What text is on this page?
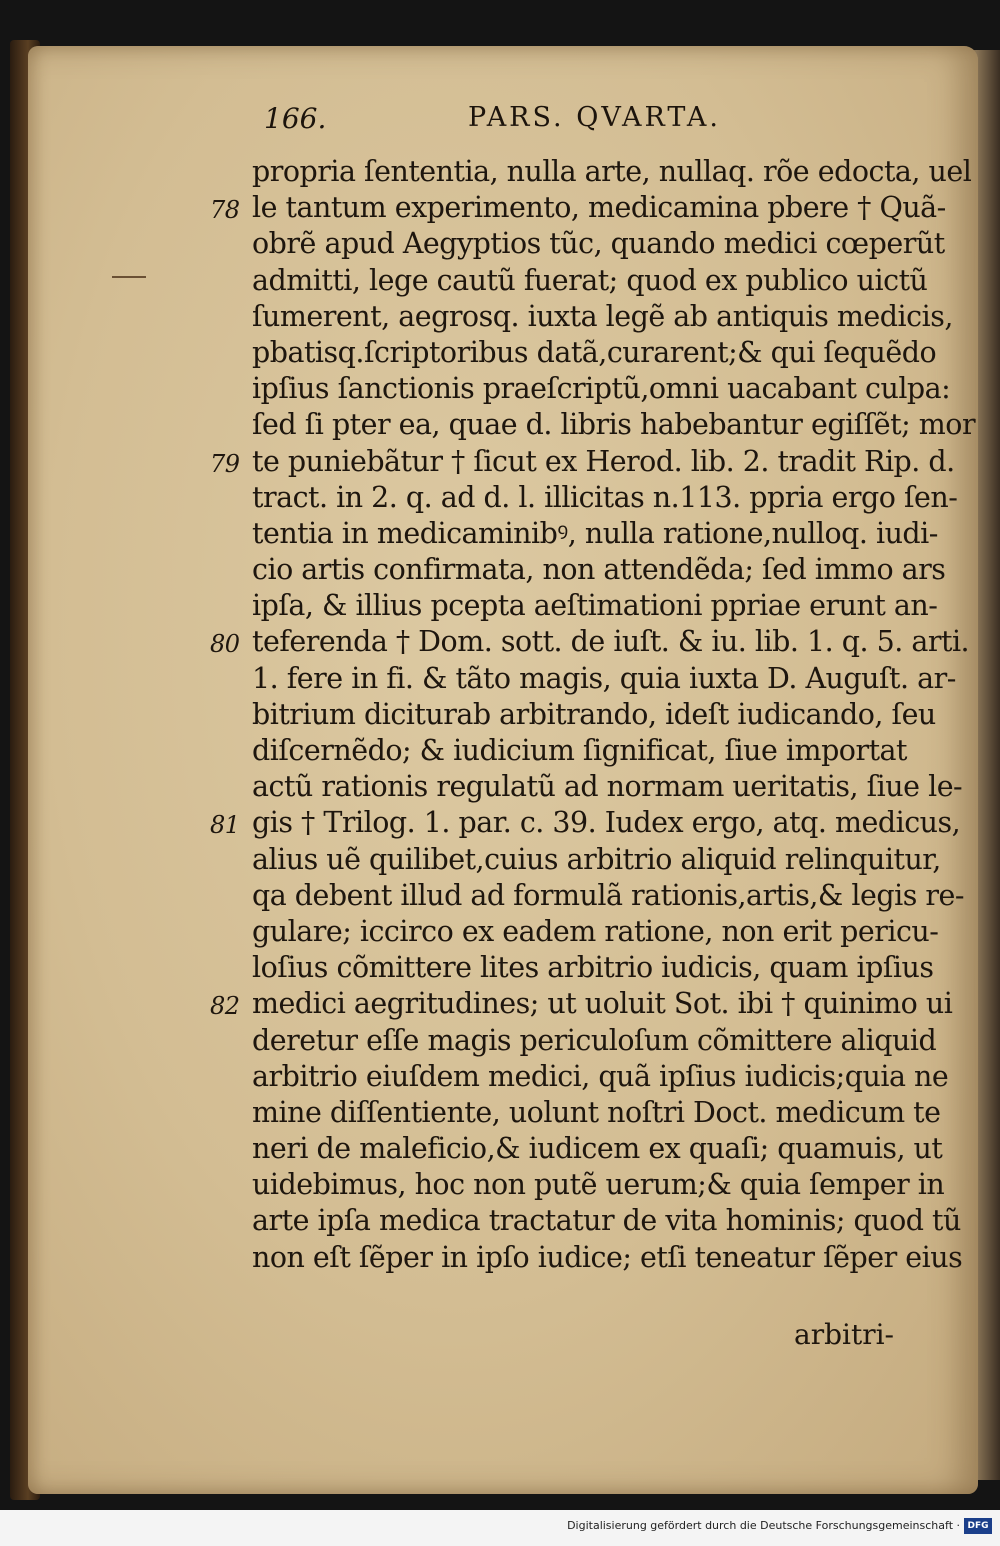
166.	PARS. QVARTA.
propria ſententia, nulla arte, nullaq. rõe edocta, uel
78 le tantum experimento, medicamina pbere † Quã-
obrẽ apud Aegyptios tũc, quando medici cœperũt
admitti, lege cautũ fuerat; quod ex publico uictũ
ſumerent, aegrosq. iuxta legẽ ab antiquis medicis,
pbatisq.ſcriptoribus datã,curarent;& qui ſequẽdo
ipſius ſanctionis praeſcriptũ,omni uacabant culpa:
ſed ſi pter ea, quae d. libris habebantur egiſſẽt; mor
79 te puniebãtur † ſicut ex Herod. lib. 2. tradit Rip. d.
tract. in 2. q. ad d. l. illicitas n.113. ppria ergo ſen-
tentia in medicaminibꝰ, nulla ratione,nulloq. iudi-
cio artis confirmata, non attendẽda; ſed immo ars
ipſa, & illius pcepta aeſtimationi ppriae erunt an-
80 teferenda † Dom. sott. de iuſt. & iu. lib. 1. q. 5. arti.
1. fere in fi. & tãto magis, quia iuxta D. Auguſt. ar-
bitrium diciturab arbitrando, ideſt iudicando, ſeu
diſcernẽdo; & iudicium ſignificat, ſiue importat
actũ rationis regulatũ ad normam ueritatis, ſiue le-
81 gis † Trilog. 1. par. c. 39. Iudex ergo, atq. medicus,
alius uẽ quilibet,cuius arbitrio aliquid relinquitur,
qa debent illud ad formulã rationis,artis,& legis re-
gulare; iccirco ex eadem ratione, non erit pericu-
loſius cõmittere lites arbitrio iudicis, quam ipſius
82 medici aegritudines; ut uoluit Sot. ibi † quinimo ui
deretur eſſe magis periculoſum cõmittere aliquid
arbitrio eiuſdem medici, quã ipſius iudicis;quia ne
mine diſſentiente, uolunt noſtri Doct. medicum te
neri de maleficio,& iudicem ex quaſi; quamuis, ut
uidebimus, hoc non putẽ uerum;& quia ſemper in
arte ipſa medica tractatur de vita hominis; quod tũ
non eſt ſẽper in ipſo iudice; etſi teneatur ſẽper eius
arbitri-
Digitalisierung gefördert durch die Deutsche Forschungsgemeinschaft · DFG
